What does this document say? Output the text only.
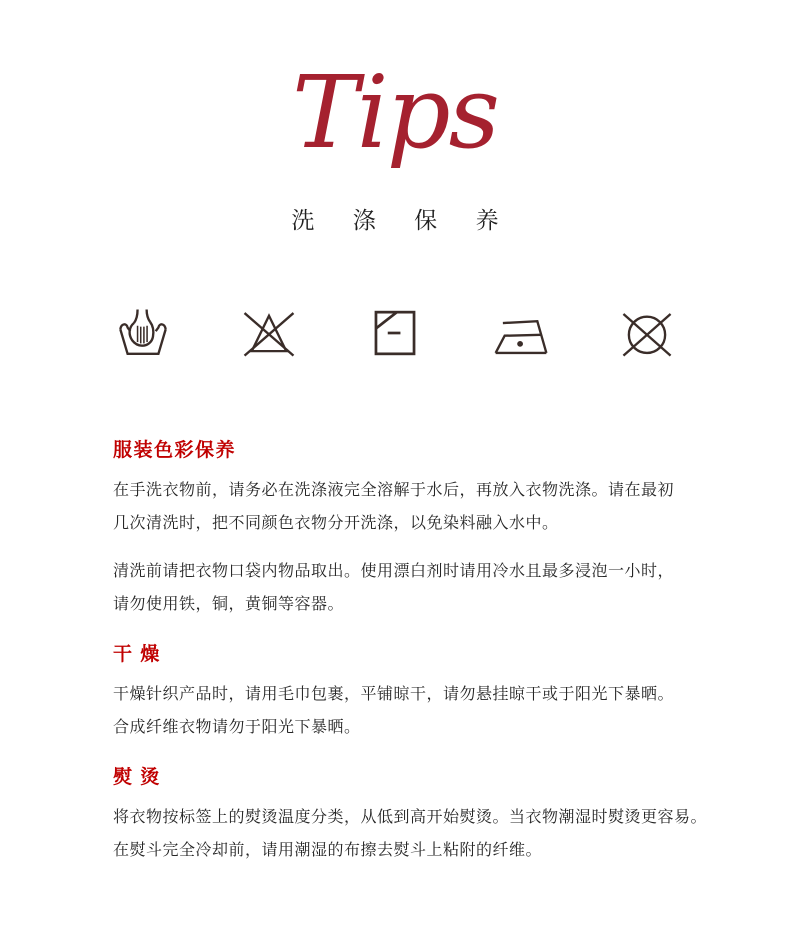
Tips
洗 涤 保 养
服装色彩保养

在手洗衣物前，请务必在洗涤液完全溶解于水后，再放入衣物洗涤。请在最初
几次清洗时，把不同颜色衣物分开洗涤，以免染料融入水中。

清洗前请把衣物口袋内物品取出。使用漂白剂时请用冷水且最多浸泡一小时，
请勿使用铁，铜，黄铜等容器。

干 燥

干燥针织产品时，请用毛巾包裹，平铺晾干，请勿悬挂晾干或于阳光下暴晒。
合成纤维衣物请勿于阳光下暴晒。

熨 烫

将衣物按标签上的熨烫温度分类，从低到高开始熨烫。当衣物潮湿时熨烫更容易。
在熨斗完全冷却前，请用潮湿的布擦去熨斗上粘附的纤维。
